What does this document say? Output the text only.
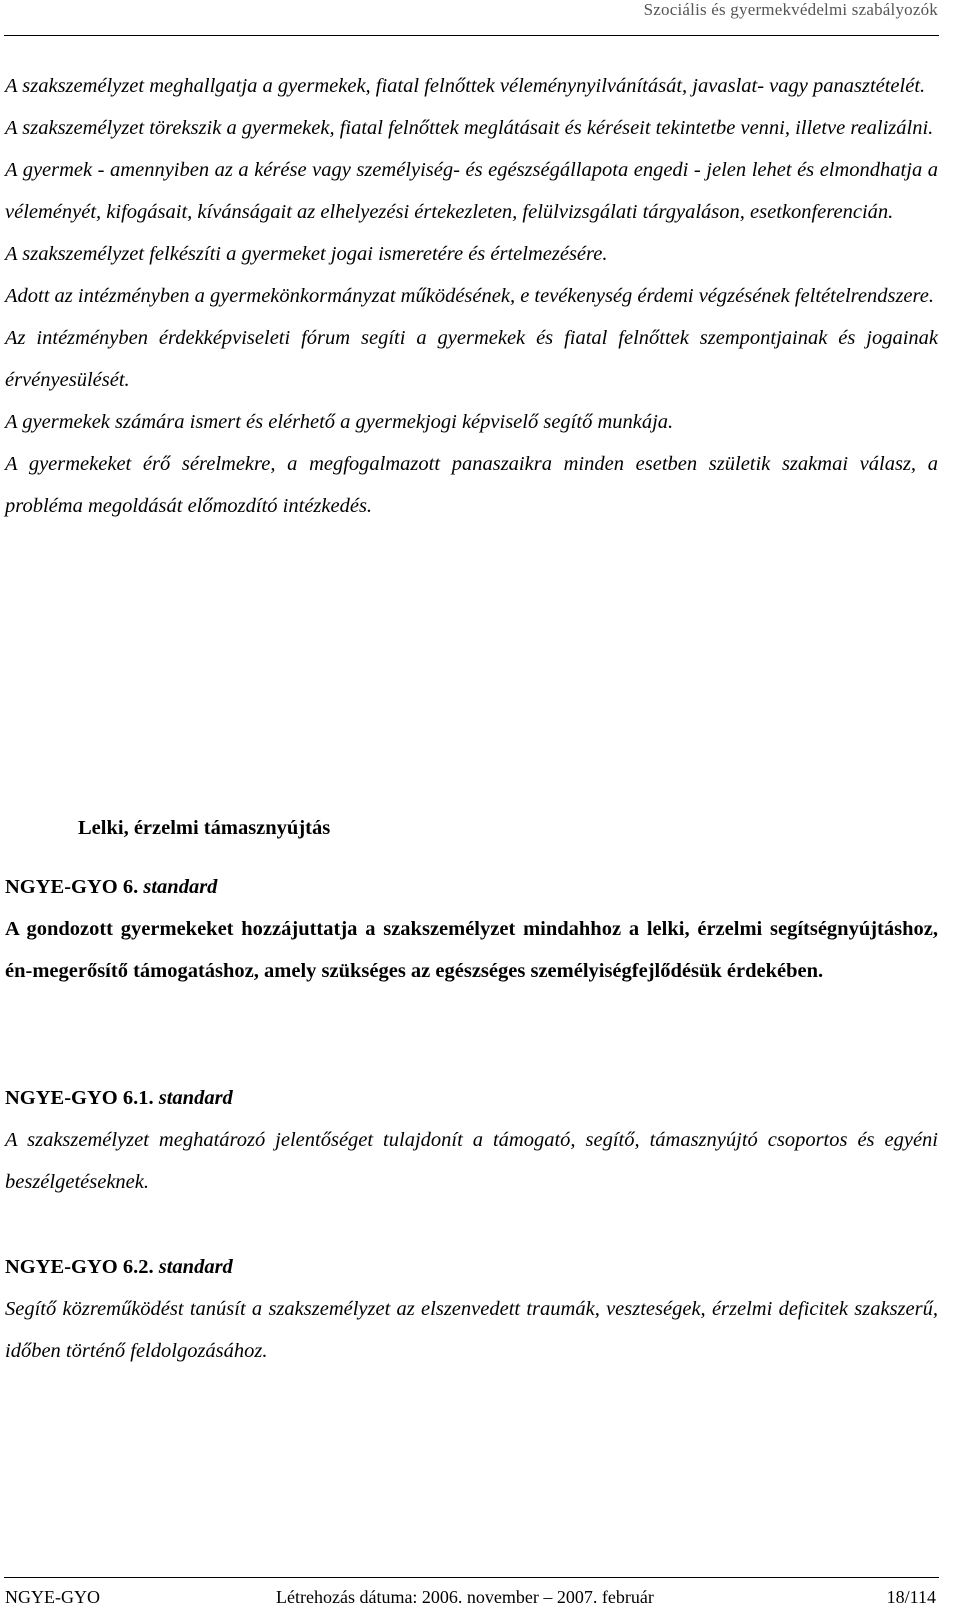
Szociális és gyermekvédelmi szabályozók

A szakszemélyzet meghallgatja a gyermekek, fiatal felnőttek véleménynyilvánítását, javaslat- vagy panasztételét.

A szakszemélyzet törekszik a gyermekek, fiatal felnőttek meglátásait és kéréseit tekintetbe venni, illetve realizálni.

A gyermek - amennyiben az a kérése vagy személyiség- és egészségállapota engedi - jelen lehet és elmondhatja a véleményét, kifogásait, kívánságait az elhelyezési értekezleten, felülvizsgálati tárgyaláson, esetkonferencián.

A szakszemélyzet felkészíti a gyermeket jogai ismeretére és értelmezésére.

Adott az intézményben a gyermekönkormányzat működésének, e tevékenység érdemi végzésének feltételrendszere.

Az intézményben érdekképviseleti fórum segíti a gyermekek és fiatal felnőttek szempontjainak és jogainak érvényesülését.

A gyermekek számára ismert és elérhető a gyermekjogi képviselő segítő munkája.

A gyermekeket érő sérelmekre, a megfogalmazott panaszaikra minden esetben születik szakmai válasz, a probléma megoldását előmozdító intézkedés.

Lelki, érzelmi támasznyújtás

NGYE-GYO 6. standard

A gondozott gyermekeket hozzájuttatja a szakszemélyzet mindahhoz a lelki, érzelmi segítségnyújtáshoz, én-megerősítő támogatáshoz, amely szükséges az egészséges személyiségfejlődésük érdekében.

NGYE-GYO 6.1. standard

A szakszemélyzet meghatározó jelentőséget tulajdonít a támogató, segítő, támasznyújtó csoportos és egyéni beszélgetéseknek.

NGYE-GYO 6.2. standard

Segítő közreműködést tanúsít a szakszemélyzet az elszenvedett traumák, veszteségek, érzelmi deficitek szakszerű, időben történő feldolgozásához.

NGYE-GYO	Létrehozás dátuma: 2006. november – 2007. február	18/114
